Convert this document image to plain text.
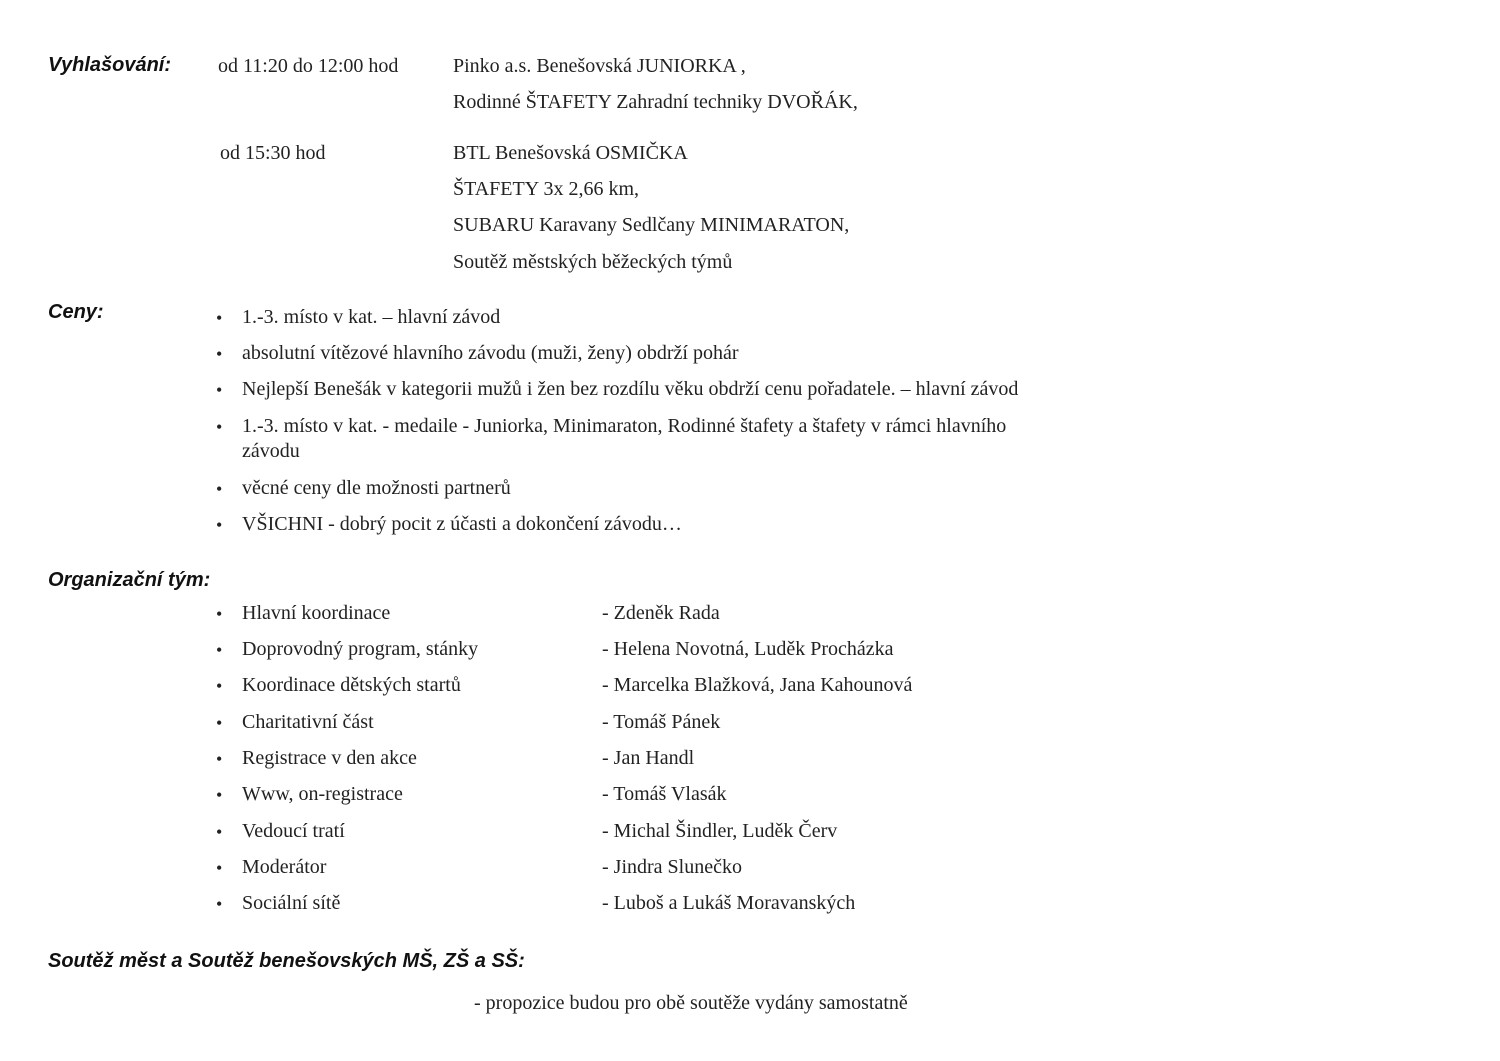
Vyhlašování: od 11:20 do 12:00 hod	Pinko a.s. Benešovská JUNIORKA ,
Rodinné ŠTAFETY Zahradní techniky DVOŘÁK,
od 15:30 hod	BTL Benešovská OSMIČKA
ŠTAFETY 3x 2,66 km,
SUBARU Karavany Sedlčany MINIMARATON,
Soutěž městských běžeckých týmů
Ceny:	• 1.-3. místo v kat. – hlavní závod
• absolutní vítězové hlavního závodu (muži, ženy) obdrží pohár
• Nejlepší Benešák v kategorii mužů i žen bez rozdílu věku obdrží cenu pořadatele. – hlavní závod
• 1.-3. místo v kat. - medaile - Juniorka, Minimaraton, Rodinné štafety a štafety v rámci hlavního
závodu
• věcné ceny dle možnosti partnerů
• VŠICHNI - dobrý pocit z účasti a dokončení závodu…
Organizační tým:
• Hlavní koordinace	- Zdeněk Rada
• Doprovodný program, stánky	- Helena Novotná, Luděk Procházka
• Koordinace dětských startů	- Marcelka Blažková, Jana Kahounová
• Charitativní část	- Tomáš Pánek
• Registrace v den akce	- Jan Handl
• Www, on-registrace	- Tomáš Vlasák
• Vedoucí tratí	- Michal Šindler, Luděk Červ
• Moderátor	- Jindra Slunečko
• Sociální sítě	- Luboš a Lukáš Moravanských
Soutěž měst a Soutěž benešovských MŠ, ZŠ a SŠ:
- propozice budou pro obě soutěže vydány samostatně
